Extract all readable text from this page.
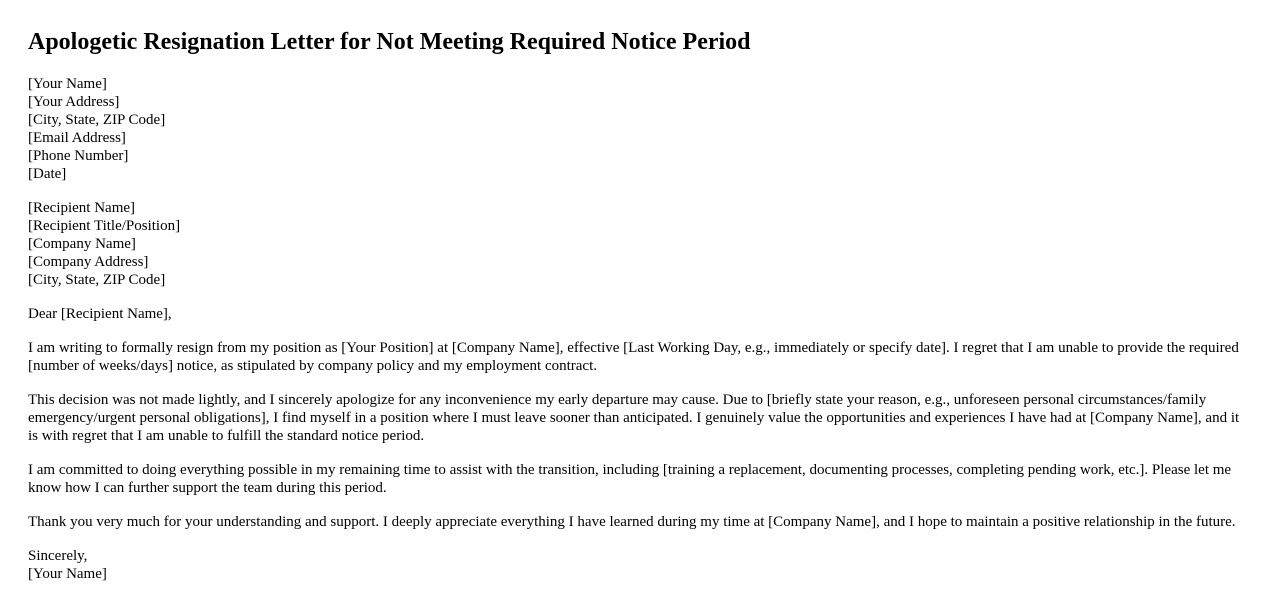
Apologetic Resignation Letter for Not Meeting Required Notice Period
[Your Name]
[Your Address]
[City, State, ZIP Code]
[Email Address]
[Phone Number]
[Date]
[Recipient Name]
[Recipient Title/Position]
[Company Name]
[Company Address]
[City, State, ZIP Code]

Dear [Recipient Name],

I am writing to formally resign from my position as [Your Position] at [Company Name], effective [Last Working Day, e.g., immediately or specify date]. I regret that I am unable to provide the required [number of weeks/days] notice, as stipulated by company policy and my employment contract.

This decision was not made lightly, and I sincerely apologize for any inconvenience my early departure may cause. Due to [briefly state your reason, e.g., unforeseen personal circumstances/family emergency/urgent personal obligations], I find myself in a position where I must leave sooner than anticipated. I genuinely value the opportunities and experiences I have had at [Company Name], and it is with regret that I am unable to fulfill the standard notice period.

I am committed to doing everything possible in my remaining time to assist with the transition, including [training a replacement, documenting processes, completing pending work, etc.]. Please let me know how I can further support the team during this period.

Thank you very much for your understanding and support. I deeply appreciate everything I have learned during my time at [Company Name], and I hope to maintain a positive relationship in the future.

Sincerely,
[Your Name]
